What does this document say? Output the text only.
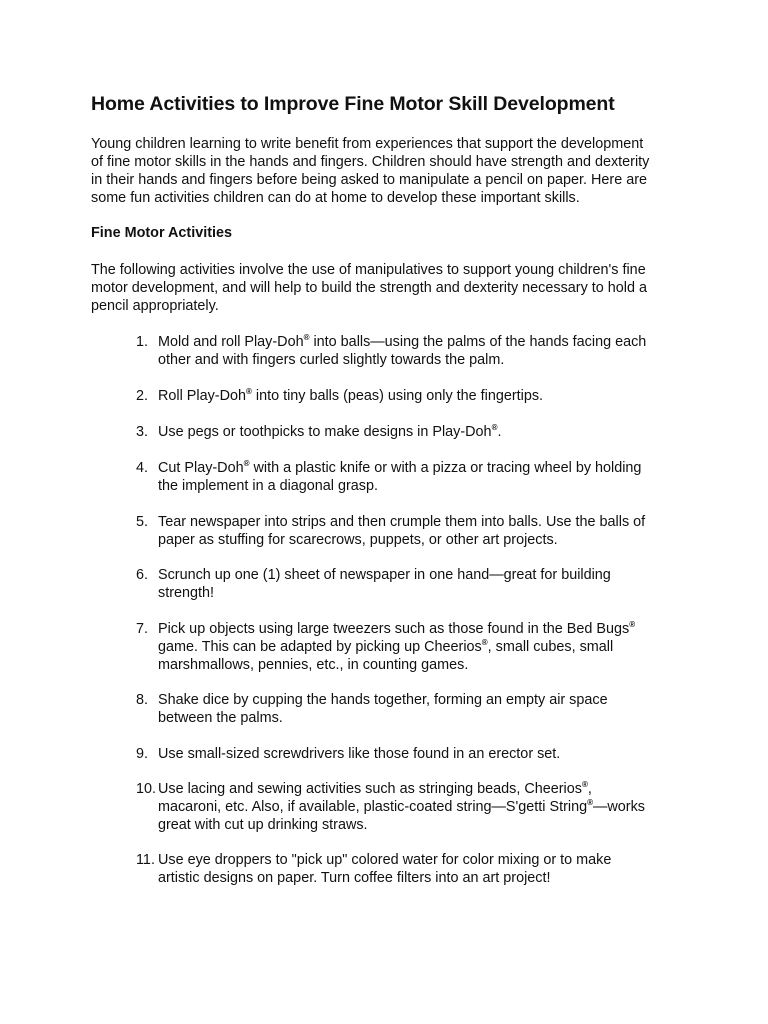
Home Activities to Improve Fine Motor Skill Development
Young children learning to write benefit from experiences that support the development
of fine motor skills in the hands and fingers. Children should have strength and dexterity
in their hands and fingers before being asked to manipulate a pencil on paper. Here are
some fun activities children can do at home to develop these important skills.
Fine Motor Activities
The following activities involve the use of manipulatives to support young children's fine
motor development, and will help to build the strength and dexterity necessary to hold a
pencil appropriately.
1. Mold and roll Play-Doh® into balls—using the palms of the hands facing each
other and with fingers curled slightly towards the palm.
2. Roll Play-Doh® into tiny balls (peas) using only the fingertips.
3. Use pegs or toothpicks to make designs in Play-Doh®.
4. Cut Play-Doh® with a plastic knife or with a pizza or tracing wheel by holding
the implement in a diagonal grasp.
5. Tear newspaper into strips and then crumple them into balls. Use the balls of
paper as stuffing for scarecrows, puppets, or other art projects.
6. Scrunch up one (1) sheet of newspaper in one hand—great for building
strength!
7. Pick up objects using large tweezers such as those found in the Bed Bugs®
game. This can be adapted by picking up Cheerios®, small cubes, small
marshmallows, pennies, etc., in counting games.
8. Shake dice by cupping the hands together, forming an empty air space
between the palms.
9. Use small-sized screwdrivers like those found in an erector set.
10. Use lacing and sewing activities such as stringing beads, Cheerios®,
macaroni, etc. Also, if available, plastic-coated string—S'getti String®—works
great with cut up drinking straws.
11. Use eye droppers to "pick up" colored water for color mixing or to make
artistic designs on paper. Turn coffee filters into an art project!
